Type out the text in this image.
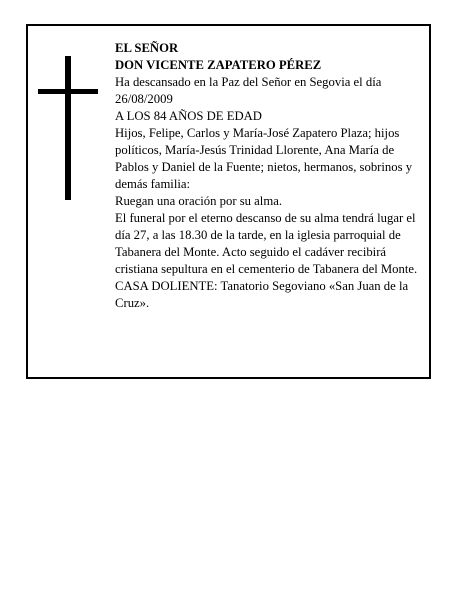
EL SEÑOR

DON VICENTE ZAPATERO PÉREZ

Ha descansado en la Paz del Señor en Segovia el día 26/08/2009

A LOS 84 AÑOS DE EDAD

Hijos, Felipe, Carlos y María-José Zapatero Plaza; hijos políticos, María-Jesús Trinidad Llorente, Ana María de Pablos y Daniel de la Fuente; nietos, hermanos, sobrinos y demás familia:

Ruegan una oración por su alma.

El funeral por el eterno descanso de su alma tendrá lugar el día 27, a las 18.30 de la tarde, en la iglesia parroquial de Tabanera del Monte. Acto seguido el cadáver recibirá cristiana sepultura en el cementerio de Tabanera del Monte.

CASA DOLIENTE: Tanatorio Segoviano «San Juan de la Cruz».
